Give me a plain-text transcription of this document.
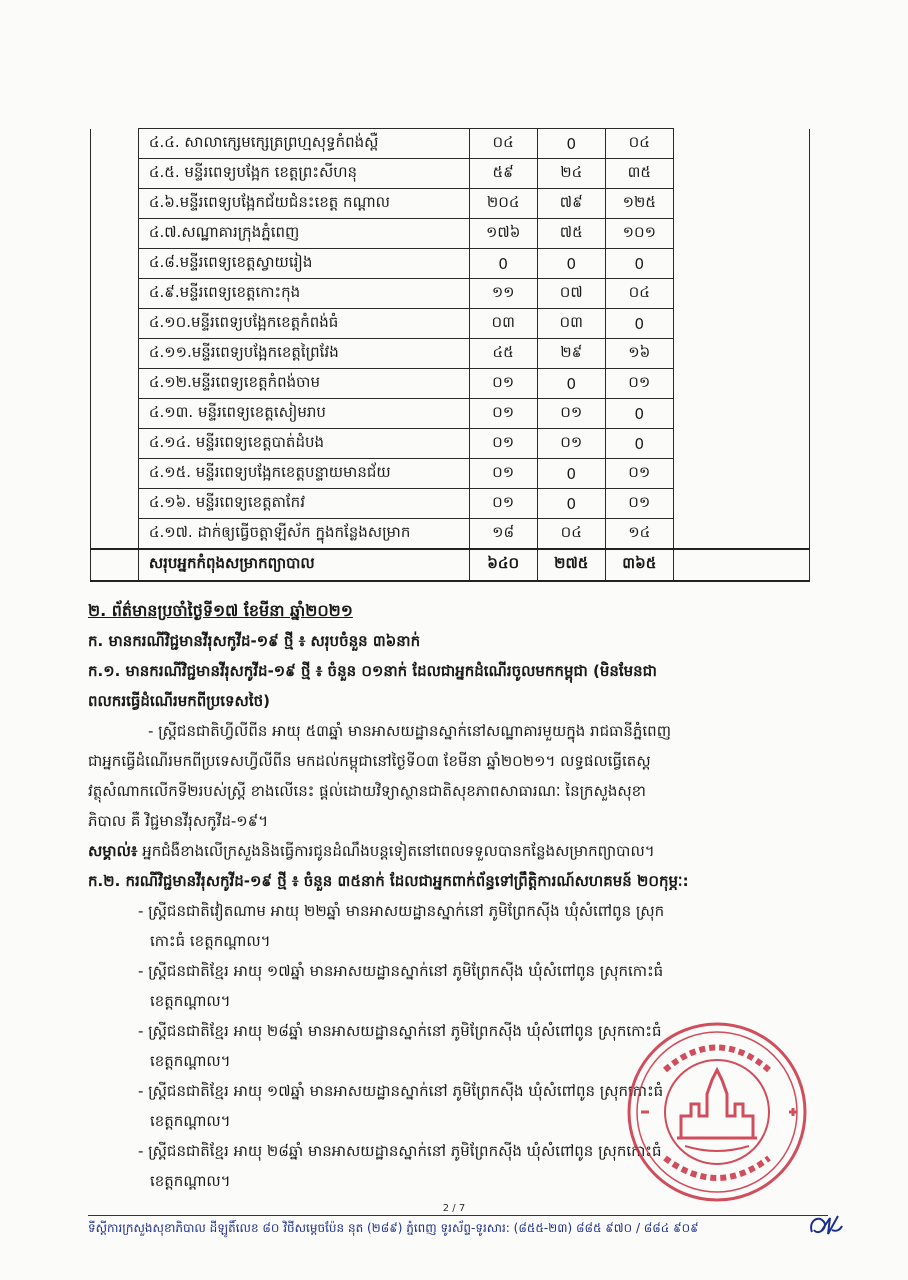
	៤.៤. សាលាក្សេមក្សេត្រព្រហ្មសុទ្ធកំពង់ស្ពឺ	០៤	0	០៤	
	៤.៥. មន្ទីរពេទ្យបង្អែក ខេត្តព្រះសីហនុ	៥៩	២៤	៣៥	
	៤.៦.មន្ទីរពេទ្យបង្អែកជ័យជំនះខេត្ត កណ្ដាល	២០៤	៧៩	១២៥	
	៤.៧.សណ្ឋាគារក្រុងភ្នំពេញ	១៧៦	៧៥	១០១	
	៤.៨.មន្ទីរពេទ្យខេត្តស្វាយរៀង	0	0	0	
	៤.៩.មន្ទីរពេទ្យខេត្តកោះកុង	១១	០៧	០៤	
	៤.១០.មន្ទីរពេទ្យបង្អែកខេត្តកំពង់ធំ	០៣	០៣	0	
	៤.១១.មន្ទីរពេទ្យបង្អែកខេត្តព្រៃវែង	៤៥	២៩	១៦	
	៤.១២.មន្ទីរពេទ្យខេត្តកំពង់ចាម	០១	0	០១	
	៤.១៣. មន្ទីរពេទ្យខេត្តសៀមរាប	០១	០១	0	
	៤.១៤. មន្ទីរពេទ្យខេត្តបាត់ដំបង	០១	០១	0	
	៤.១៥. មន្ទីរពេទ្យបង្អែកខេត្តបន្ទាយមានជ័យ	០១	0	០១	
	៤.១៦. មន្ទីរពេទ្យខេត្តតាកែវ	០១	0	០១	
	៤.១៧. ដាក់ឲ្យធ្វើចត្តាឡីស័ក ក្នុងកន្លែងសម្រាក	១៨	០៤	១៤	
	សរុបអ្នកកំពុងសម្រាកព្យាបាល	៦៤០	២៧៥	៣៦៥	
២. ព័ត៌មានប្រចាំថ្ងៃទី១៧ ខែមីនា ឆ្នាំ២០២១
ក. មានករណីវិជ្ជមានវីរុសកូវីដ-១៩ ថ្មី ៖ សរុបចំនួន ៣៦នាក់
ក.១. មានករណីវិជ្ជមានវីរុសកូវីដ-១៩ ថ្មី ៖ ចំនួន ០១នាក់ ដែលជាអ្នកដំណើរចូលមកកម្ពុជា (មិនមែនជា
ពលករធ្វើដំណើរមកពីប្រទេសថៃ)
- ស្ត្រីជនជាតិហ្វីលីពីន អាយុ ៥៣ឆ្នាំ មានអាសយដ្ឋានស្នាក់នៅសណ្ឋាគារមួយក្នុង រាជធានីភ្នំពេញ
ជាអ្នកធ្វើដំណើរមកពីប្រទេសហ្វីលីពីន មកដល់កម្ពុជានៅថ្ងៃទី០៣ ខែមីនា ឆ្នាំ២០២១។ លទ្ធផលធ្វើតេស្ត
វត្ថុសំណាកលើកទី២របស់ស្ត្រី ខាងលើនេះ ផ្តល់ដោយវិទ្យាស្ថានជាតិសុខភាពសាធារណៈ នៃក្រសួងសុខា
ភិបាល គឺ វិជ្ជមានវីរុសកូវីដ-១៩។
សម្គាល់៖ អ្នកជំងឺខាងលើក្រសួងនិងធ្វើការជូនដំណឹងបន្តទៀតនៅពេលទទួលបានកន្លែងសម្រាកព្យាបាល។
ក.២. ករណីវិជ្ជមានវីរុសកូវីដ-១៩ ថ្មី ៖ ចំនួន ៣៥នាក់ ដែលជាអ្នកពាក់ព័ន្ធទៅព្រឹត្តិការណ៍សហគមន៍ ២០កុម្ភៈ:
- ស្ត្រីជនជាតិវៀតណាម អាយុ ២២ឆ្នាំ មានអាសយដ្ឋានស្នាក់នៅ ភូមិព្រែកស៊ីង ឃុំសំពៅពូន ស្រុក
កោះធំ ខេត្តកណ្ដាល។
- ស្ត្រីជនជាតិខ្មែរ អាយុ ១៧ឆ្នាំ មានអាសយដ្ឋានស្នាក់នៅ ភូមិព្រែកស៊ីង ឃុំសំពៅពូន ស្រុកកោះធំ
ខេត្តកណ្ដាល។
- ស្ត្រីជនជាតិខ្មែរ អាយុ ២៨ឆ្នាំ មានអាសយដ្ឋានស្នាក់នៅ ភូមិព្រែកស៊ីង ឃុំសំពៅពូន ស្រុកកោះធំ
ខេត្តកណ្ដាល។
- ស្ត្រីជនជាតិខ្មែរ អាយុ ១៧ឆ្នាំ មានអាសយដ្ឋានស្នាក់នៅ ភូមិព្រែកស៊ីង ឃុំសំពៅពូន ស្រុកកោះធំ
ខេត្តកណ្ដាល។
- ស្ត្រីជនជាតិខ្មែរ អាយុ ២៨ឆ្នាំ មានអាសយដ្ឋានស្នាក់នៅ ភូមិព្រែកស៊ីង ឃុំសំពៅពូន ស្រុកកោះធំ
ខេត្តកណ្ដាល។
2 / 7
ទីស្តីការក្រសួងសុខាភិបាល ដីឡូតិ៍លេខ ៨០ វិថីសម្ដេចប៉ែន នុត (២៨៩) ភ្នំពេញ ទូរស័ព្ទ-ទូរសារ: (៨៥៥-២៣) ៨៨៥ ៩៧០ / ៨៨៤ ៩០៩
